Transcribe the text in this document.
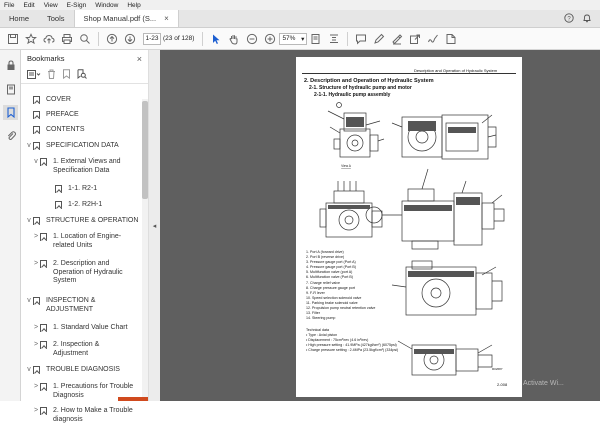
File Edit View E-Sign Window Help
Home Tools	Shop Manual.pdf (S... ×	?
1-23 (23 of 128)	57% ▾
Bookmarks	×
COVER
PREFACE
CONTENTS
v	SPECIFICATION DATA
v	1. External Views and Specification Data
1-1. R2-1
1-2. R2H-1
v	STRUCTURE & OPERATION
> 1. Location of Engine-related Units
> 2. Description and Operation of Hydraulic System
v	INSPECTION & ADJUSTMENT
> 1. Standard Value Chart
> 2. Inspection & Adjustment
v	TROUBLE DIAGNOSIS
> 1. Precautions for Trouble Diagnosis
> 2. How to Make a Trouble diagnosis
◂
Description and Operation of Hydraulic System
2. Description and Operation of Hydraulic System
2-1. Structure of hydraulic pump and motor
2-1-1. Hydraulic pump assembly
View A
1. Port A (forward drive)
2. Port B (reverse drive)
3. Pressure gauge port (Port A)
4. Pressure gauge port (Port B)
5. Multifunction valve (port A)
6. Multifunction valve (Port B)
7. Charge relief valve
8. Charge pressure gauge port
9. F-R lever
10. Speed selection solenoid valve
11. Parking brake solenoid valve
12. Propulsion pump neutral retention valve
13. Filter
14. Steering pump
Technical data
• Type : Axial piston
• Displacement : 75cm³/rev (4.6 in³/rev)
• High pressure setting : 41.9MPa (427kgf/cm²) (6075psi)
• Charge pressure setting : 2.4MPa (23.5kgf/cm²) (334psi)
R02687
2-008 Activate Wi...
